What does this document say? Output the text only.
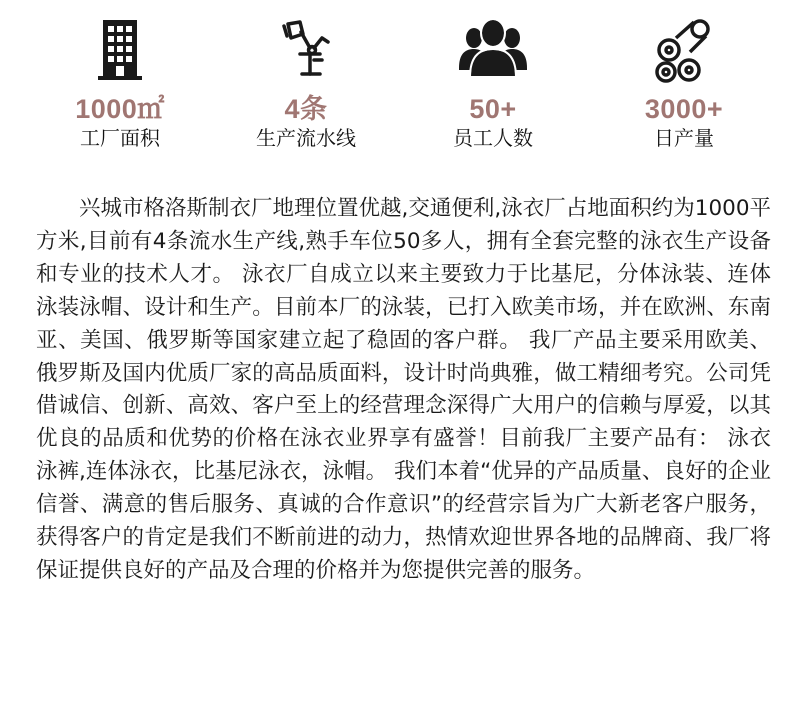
1000㎡
工厂面积
4条
生产流水线
50+
员工人数
3000+
日产量

兴城市格洛斯制衣厂地理位置优越,交通便利,泳衣厂占地面积约为1000平方米,目前有4条流水生产线,熟手车位50多人，拥有全套完整的泳衣生产设备和专业的技术人才。 泳衣厂自成立以来主要致力于比基尼，分体泳装、连体泳装泳帽、设计和生产。目前本厂的泳装，已打入欧美市场，并在欧洲、东南亚、美国、俄罗斯等国家建立起了稳固的客户群。 我厂产品主要采用欧美、俄罗斯及国内优质厂家的高品质面料，设计时尚典雅，做工精细考究。公司凭借诚信、创新、高效、客户至上的经营理念深得广大用户的信赖与厚爱，以其优良的品质和优势的价格在泳衣业界享有盛誉！目前我厂主要产品有： 泳衣泳裤,连体泳衣，比基尼泳衣，泳帽。 我们本着“优异的产品质量、良好的企业信誉、满意的售后服务、真诚的合作意识”的经营宗旨为广大新老客户服务，获得客户的肯定是我们不断前进的动力，热情欢迎世界各地的品牌商、我厂将保证提供良好的产品及合理的价格并为您提供完善的服务。
